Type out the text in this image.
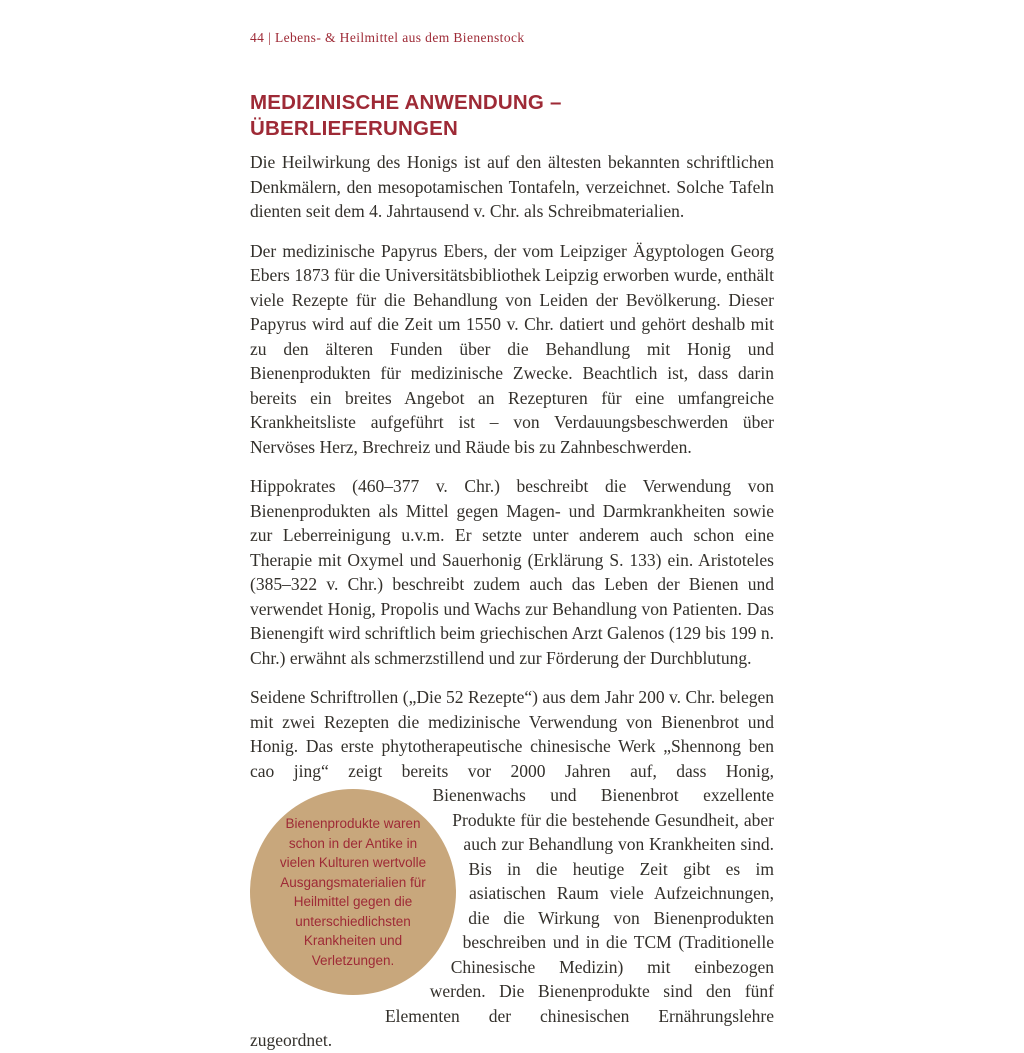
44 | Lebens- & Heilmittel aus dem Bienenstock
MEDIZINISCHE ANWENDUNG – ÜBERLIEFERUNGEN

Die Heilwirkung des Honigs ist auf den ältesten bekannten schriftlichen Denkmälern, den mesopotamischen Tontafeln, verzeichnet. Solche Tafeln dienten seit dem 4. Jahrtausend v. Chr. als Schreibmaterialien.

Der medizinische Papyrus Ebers, der vom Leipziger Ägyptologen Georg Ebers 1873 für die Universitätsbibliothek Leipzig erworben wurde, enthält viele Rezepte für die Behandlung von Leiden der Bevölkerung. Dieser Papyrus wird auf die Zeit um 1550 v. Chr. datiert und gehört deshalb mit zu den älteren Funden über die Behandlung mit Honig und Bienenprodukten für medizinische Zwecke. Beachtlich ist, dass darin bereits ein breites Angebot an Rezepturen für eine umfangreiche Krankheitsliste aufgeführt ist – von Verdauungsbeschwerden über Nervöses Herz, Brechreiz und Räude bis zu Zahnbeschwerden.

Hippokrates (460–377 v. Chr.) beschreibt die Verwendung von Bienenprodukten als Mittel gegen Magen- und Darmkrankheiten sowie zur Leberreinigung u.v.m. Er setzte unter anderem auch schon eine Therapie mit Oxymel und Sauerhonig (Erklärung S. 133) ein. Aristoteles (385–322 v. Chr.) beschreibt zudem auch das Leben der Bienen und verwendet Honig, Propolis und Wachs zur Behandlung von Patienten. Das Bienengift wird schriftlich beim griechischen Arzt Galenos (129 bis 199 n. Chr.) erwähnt als schmerzstillend und zur Förderung der Durchblutung.

Seidene Schriftrollen („Die 52 Rezepte“) aus dem Jahr 200 v. Chr. belegen mit zwei Rezepten die medizinische Verwendung von Bienenbrot und Honig. Das erste phytotherapeutische chinesische Werk „Shennong ben cao jing“ zeigt bereits vor 2000 Jahren auf, dass Honig,

Bienenprodukte waren schon in der Antike in vielen Kulturen wertvolle Ausgangsmaterialien für Heilmittel gegen die unterschiedlichsten Krankheiten und Verletzungen.

Bienenwachs und Bienenbrot exzellente Produkte für die bestehende Gesundheit, aber auch zur Behandlung von Krankheiten sind. Bis in die heutige Zeit gibt es im asiatischen Raum viele Aufzeichnungen, die die Wirkung von Bienenprodukten beschreiben und in die TCM (Traditionelle Chinesische Medizin) mit einbezogen werden. Die Bienenprodukte sind den fünf Elementen der chinesischen Ernährungslehre zugeordnet.
